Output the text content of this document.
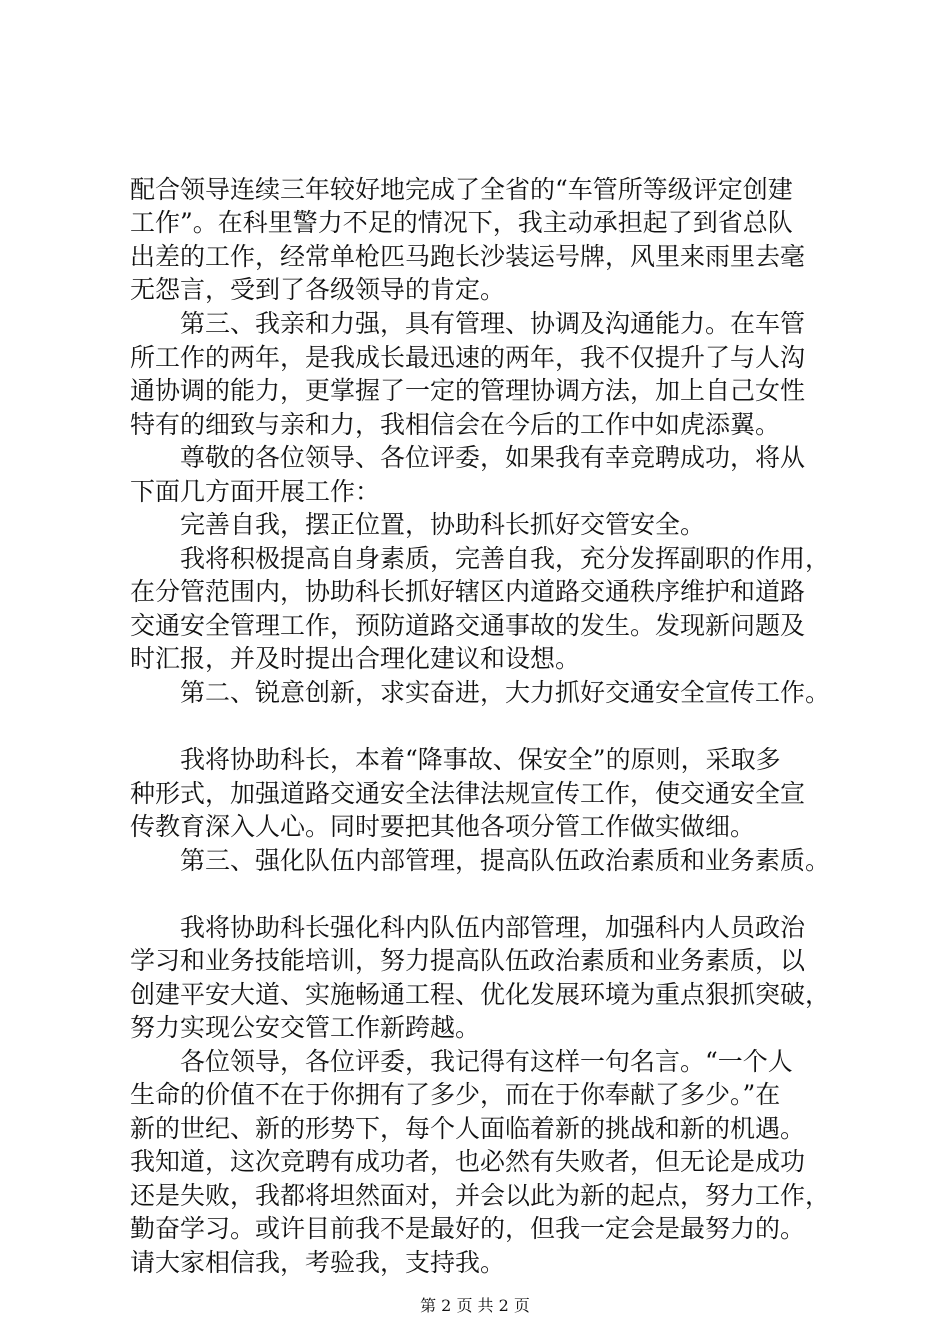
配合领导连续三年较好地完成了全省的“车管所等级评定创建
工作”。在科里警力不足的情况下，我主动承担起了到省总队
出差的工作，经常单枪匹马跑长沙装运号牌，风里来雨里去毫
无怨言，受到了各级领导的肯定。
　　第三、我亲和力强，具有管理、协调及沟通能力。在车管
所工作的两年，是我成长最迅速的两年，我不仅提升了与人沟
通协调的能力，更掌握了一定的管理协调方法，加上自己女性
特有的细致与亲和力，我相信会在今后的工作中如虎添翼。
　　尊敬的各位领导、各位评委，如果我有幸竞聘成功，将从
下面几方面开展工作：
　　完善自我，摆正位置，协助科长抓好交管安全。
　　我将积极提高自身素质，完善自我，充分发挥副职的作用，
在分管范围内，协助科长抓好辖区内道路交通秩序维护和道路
交通安全管理工作，预防道路交通事故的发生。发现新问题及
时汇报，并及时提出合理化建议和设想。
　　第二、锐意创新，求实奋进，大力抓好交通安全宣传工作。
　　我将协助科长，本着“降事故、保安全”的原则，采取多
种形式，加强道路交通安全法律法规宣传工作，使交通安全宣
传教育深入人心。同时要把其他各项分管工作做实做细。
　　第三、强化队伍内部管理，提高队伍政治素质和业务素质。
　　我将协助科长强化科内队伍内部管理，加强科内人员政治
学习和业务技能培训，努力提高队伍政治素质和业务素质，以
创建平安大道、实施畅通工程、优化发展环境为重点狠抓突破，
努力实现公安交管工作新跨越。
　　各位领导，各位评委，我记得有这样一句名言。“一个人
生命的价值不在于你拥有了多少，而在于你奉献了多少。”在
新的世纪、新的形势下，每个人面临着新的挑战和新的机遇。
我知道，这次竞聘有成功者，也必然有失败者，但无论是成功
还是失败，我都将坦然面对，并会以此为新的起点，努力工作，
勤奋学习。或许目前我不是最好的，但我一定会是最努力的。
请大家相信我，考验我，支持我。
第 2 页 共 2 页
